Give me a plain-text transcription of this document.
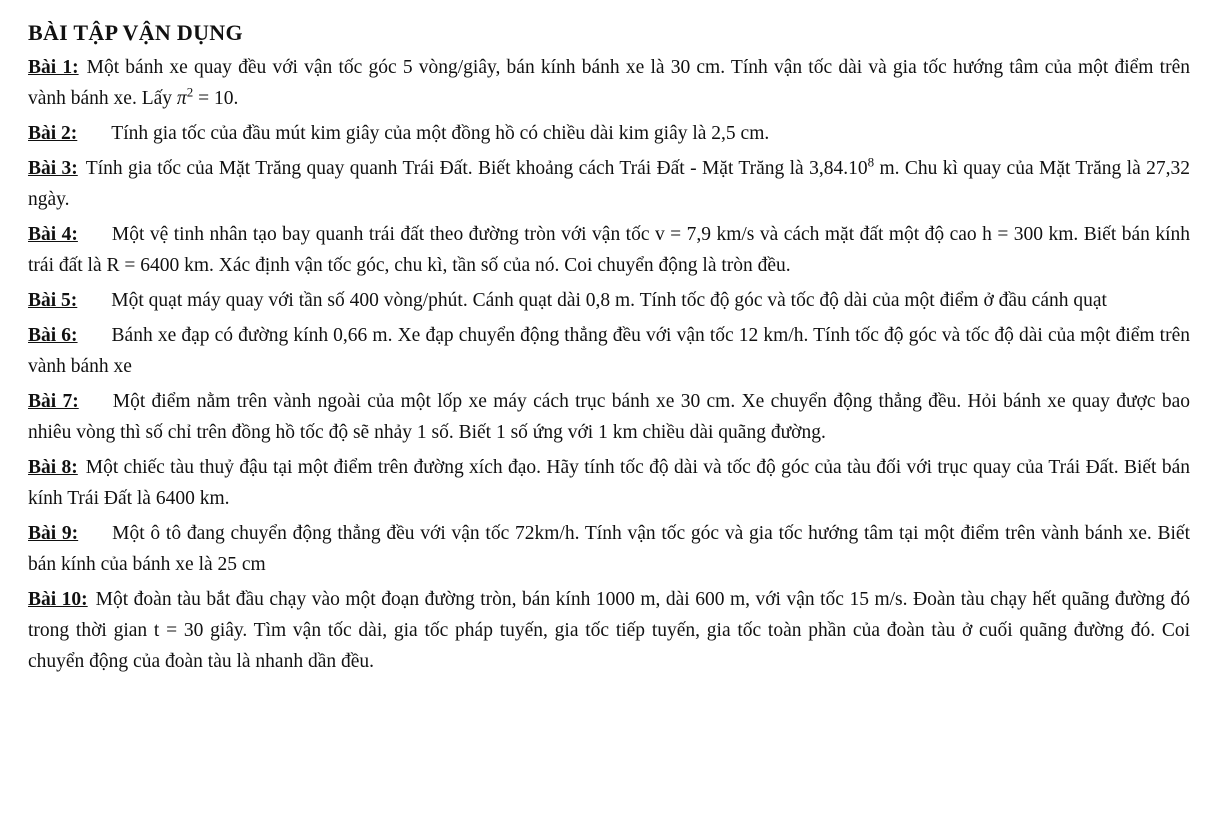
BÀI TẬP VẬN DỤNG
Bài 1: Một bánh xe quay đều với vận tốc góc 5 vòng/giây, bán kính bánh xe là 30 cm. Tính vận tốc dài và gia tốc hướng tâm của một điểm trên vành bánh xe. Lấy $\pi^2 = 10$.
Bài 2: Tính gia tốc của đầu mút kim giây của một đồng hồ có chiều dài kim giây là 2,5 cm.
Bài 3: Tính gia tốc của Mặt Trăng quay quanh Trái Đất. Biết khoảng cách Trái Đất - Mặt Trăng là 3,84.10$^8$ m. Chu kì quay của Mặt Trăng là 27,32 ngày.
Bài 4: Một vệ tinh nhân tạo bay quanh trái đất theo đường tròn với vận tốc v = 7,9 km/s và cách mặt đất một độ cao h = 300 km. Biết bán kính trái đất là R = 6400 km. Xác định vận tốc góc, chu kì, tần số của nó. Coi chuyển động là tròn đều.
Bài 5: Một quạt máy quay với tần số 400 vòng/phút. Cánh quạt dài 0,8 m. Tính tốc độ góc và tốc độ dài của một điểm ở đầu cánh quạt
Bài 6: Bánh xe đạp có đường kính 0,66 m. Xe đạp chuyển động thẳng đều với vận tốc 12 km/h. Tính tốc độ góc và tốc độ dài của một điểm trên vành bánh xe
Bài 7: Một điểm nằm trên vành ngoài của một lốp xe máy cách trục bánh xe 30 cm. Xe chuyển động thẳng đều. Hỏi bánh xe quay được bao nhiêu vòng thì số chỉ trên đồng hồ tốc độ sẽ nhảy 1 số. Biết 1 số ứng với 1 km chiều dài quãng đường.
Bài 8: Một chiếc tàu thuỷ đậu tại một điểm trên đường xích đạo. Hãy tính tốc độ dài và tốc độ góc của tàu đối với trục quay của Trái Đất. Biết bán kính Trái Đất là 6400 km.
Bài 9: Một ô tô đang chuyển động thẳng đều với vận tốc 72km/h. Tính vận tốc góc và gia tốc hướng tâm tại một điểm trên vành bánh xe. Biết bán kính của bánh xe là 25 cm
Bài 10: Một đoàn tàu bắt đầu chạy vào một đoạn đường tròn, bán kính 1000 m, dài 600 m, với vận tốc 15 m/s. Đoàn tàu chạy hết quãng đường đó trong thời gian t = 30 giây. Tìm vận tốc dài, gia tốc pháp tuyến, gia tốc tiếp tuyến, gia tốc toàn phần của đoàn tàu ở cuối quãng đường đó. Coi chuyển động của đoàn tàu là nhanh dần đều.
